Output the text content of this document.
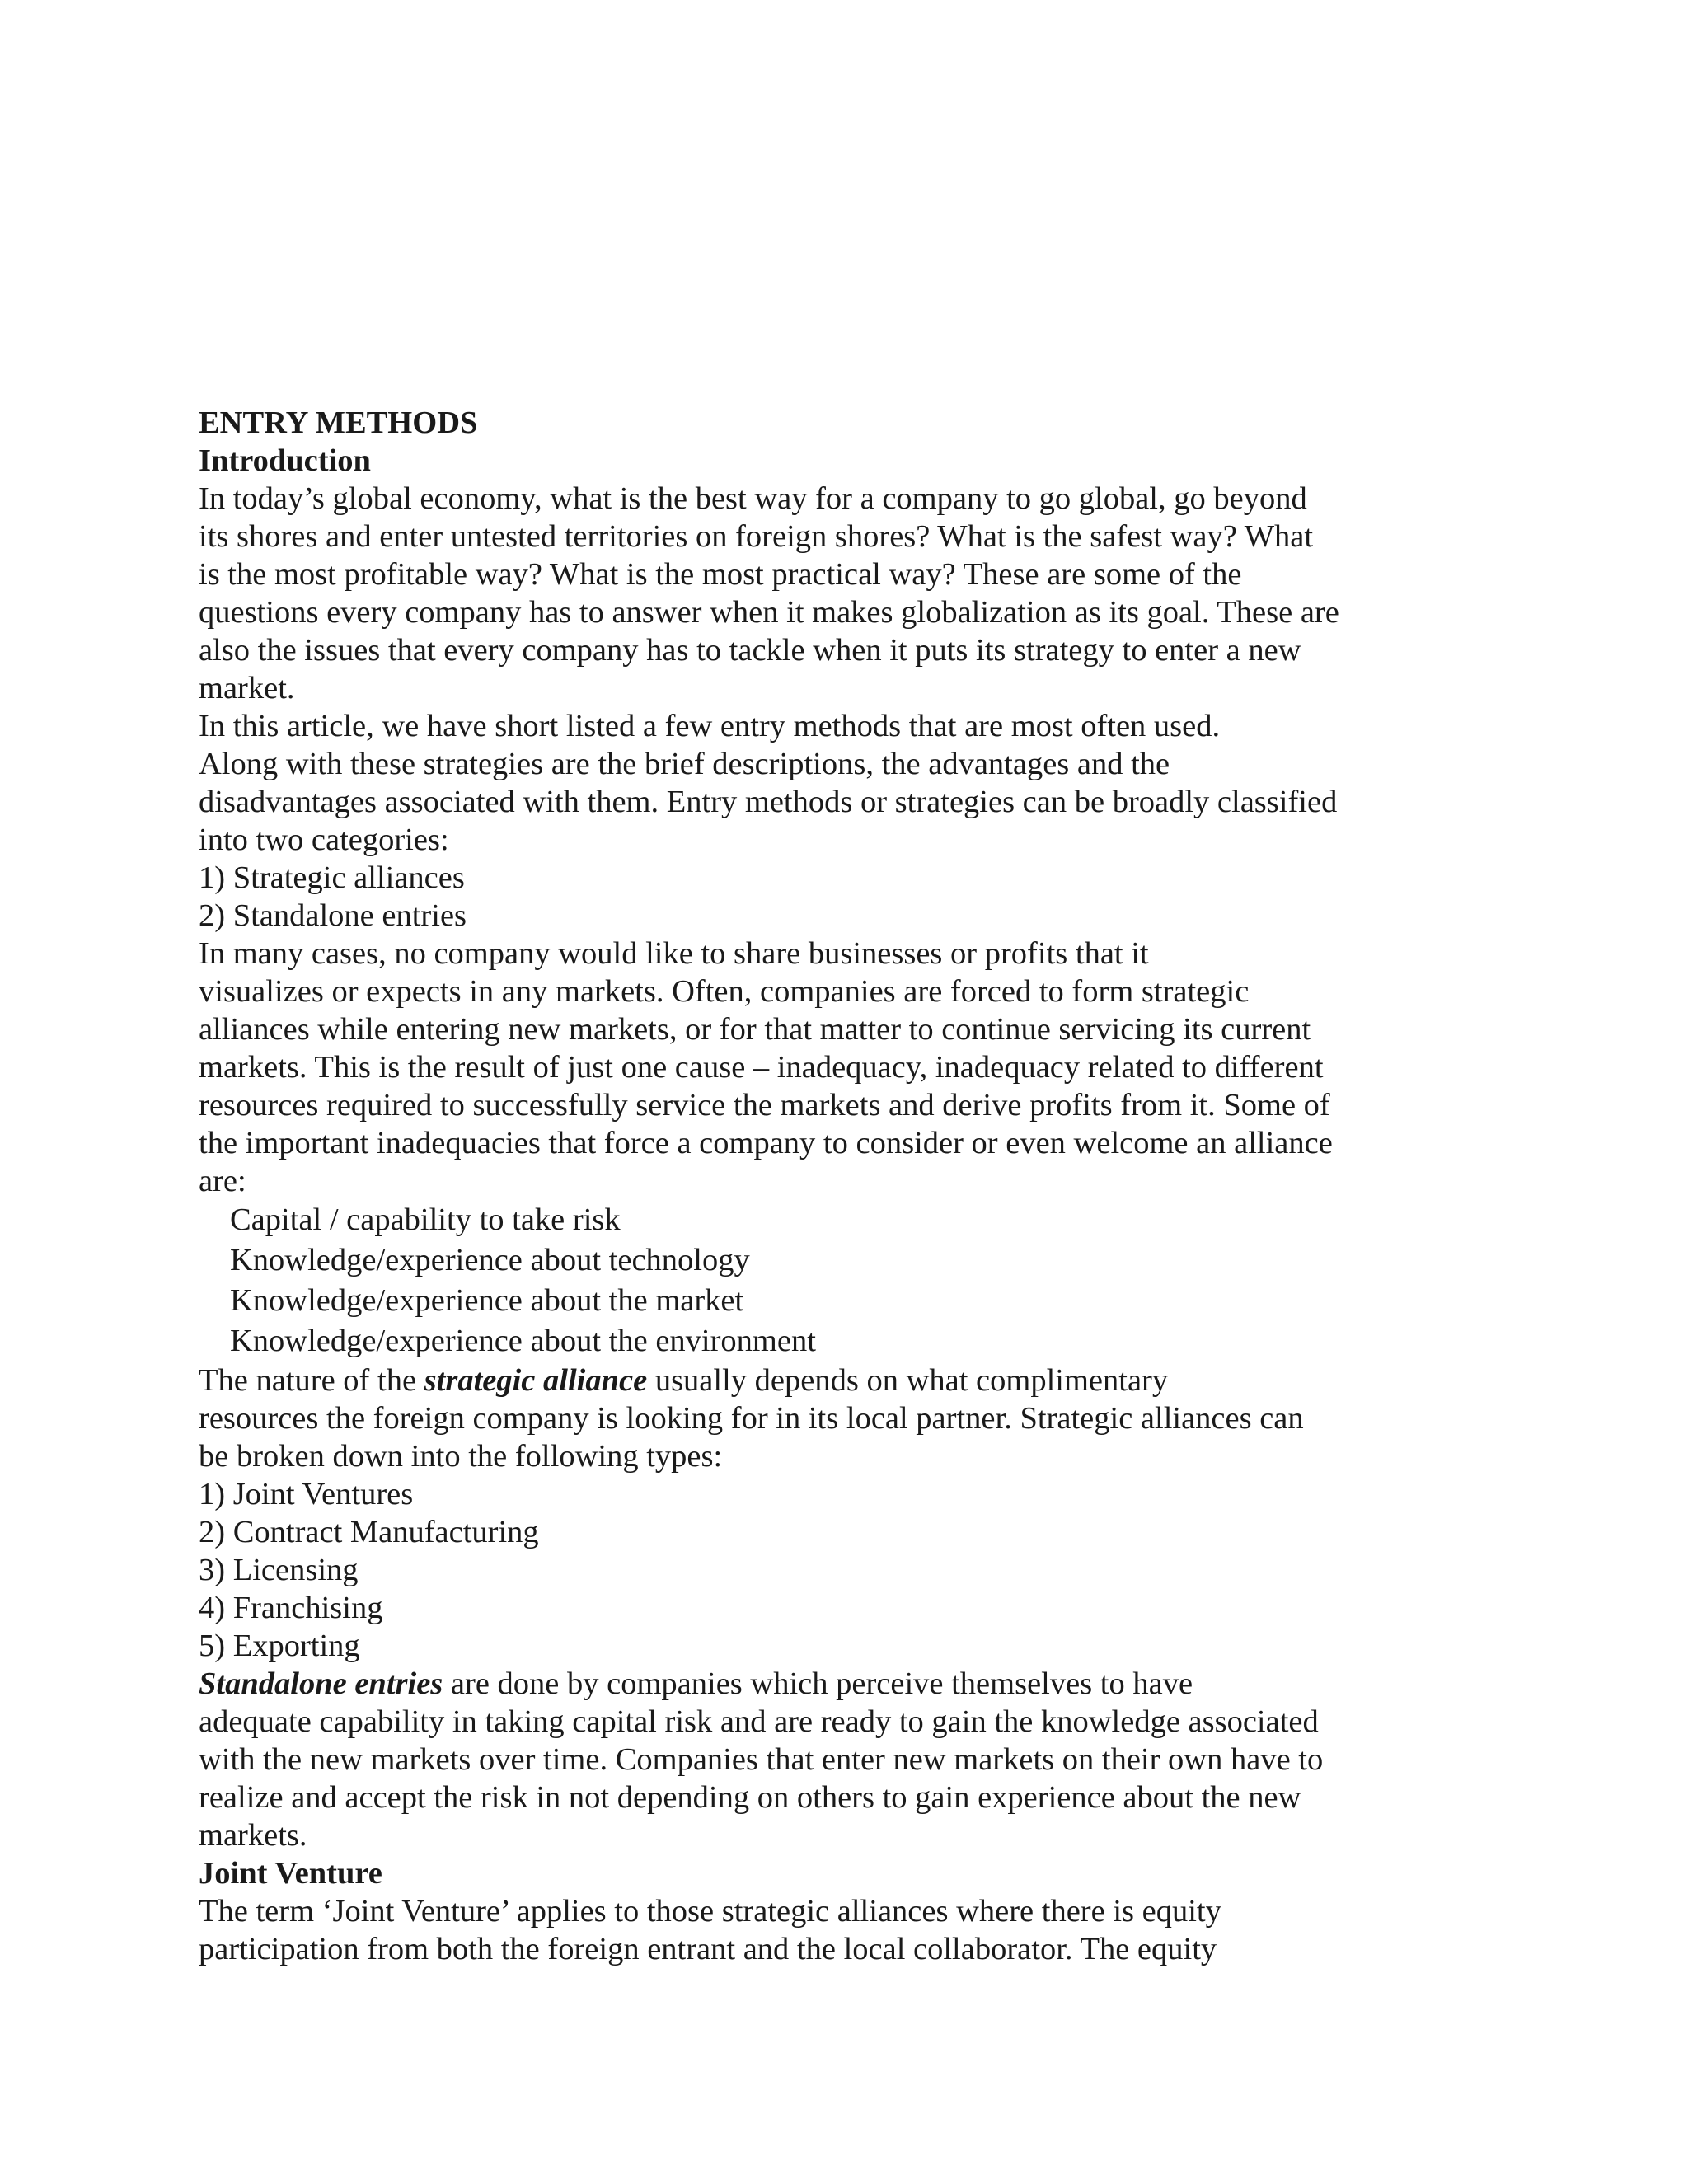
ENTRY METHODS
Introduction
In today’s global economy, what is the best way for a company to go global, go beyond
its shores and enter untested territories on foreign shores? What is the safest way? What
is the most profitable way? What is the most practical way? These are some of the
questions every company has to answer when it makes globalization as its goal. These are
also the issues that every company has to tackle when it puts its strategy to enter a new
market.
In this article, we have short listed a few entry methods that are most often used.
Along with these strategies are the brief descriptions, the advantages and the
disadvantages associated with them. Entry methods or strategies can be broadly classified
into two categories:
1) Strategic alliances
2) Standalone entries
In many cases, no company would like to share businesses or profits that it
visualizes or expects in any markets. Often, companies are forced to form strategic
alliances while entering new markets, or for that matter to continue servicing its current
markets. This is the result of just one cause – inadequacy, inadequacy related to different
resources required to successfully service the markets and derive profits from it. Some of
the important inadequacies that force a company to consider or even welcome an alliance
are:
Capital / capability to take risk
Knowledge/experience about technology
Knowledge/experience about the market
Knowledge/experience about the environment
The nature of the strategic alliance usually depends on what complimentary
resources the foreign company is looking for in its local partner. Strategic alliances can
be broken down into the following types:
1) Joint Ventures
2) Contract Manufacturing
3) Licensing
4) Franchising
5) Exporting
Standalone entries are done by companies which perceive themselves to have
adequate capability in taking capital risk and are ready to gain the knowledge associated
with the new markets over time. Companies that enter new markets on their own have to
realize and accept the risk in not depending on others to gain experience about the new
markets.
Joint Venture
The term ‘Joint Venture’ applies to those strategic alliances where there is equity
participation from both the foreign entrant and the local collaborator. The equity
